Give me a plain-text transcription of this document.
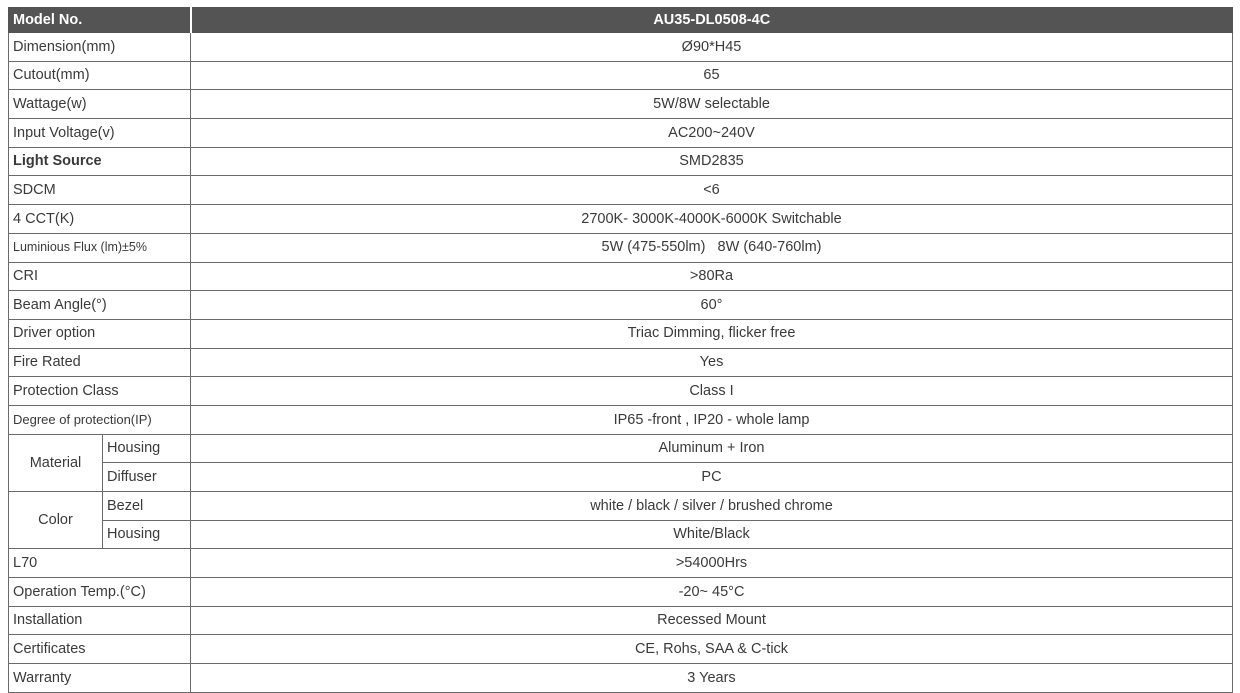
Model No.		AU35-DL0508-4C
Dimension(mm)		Ø90*H45
Cutout(mm)		65
Wattage(w)		5W/8W selectable
Input Voltage(v)		AC200~240V
Light Source		SMD2835
SDCM		<6
4 CCT(K)		2700K- 3000K-4000K-6000K Switchable
Luminious Flux (lm)±5%		5W (475-550lm)   8W (640-760lm)
CRI		>80Ra
Beam Angle(°)		60°
Driver option		Triac Dimming, flicker free
Fire Rated		Yes
Protection Class		Class I
Degree of protection(IP)		IP65 -front , IP20 - whole lamp
Material	Housing	Aluminum + Iron
	Diffuser	PC
Color	Bezel	white / black / silver / brushed chrome
	Housing	White/Black
L70		>54000Hrs
Operation Temp.(°C)		-20~ 45°C
Installation		Recessed Mount
Certificates		CE, Rohs, SAA & C-tick
Warranty		3 Years
